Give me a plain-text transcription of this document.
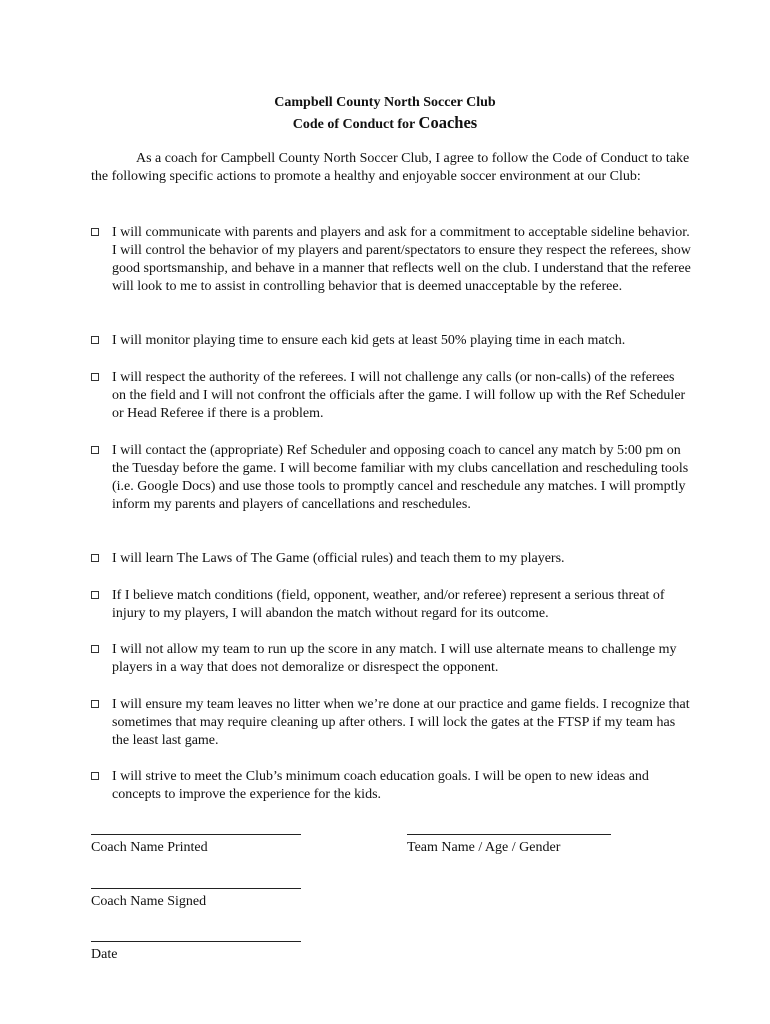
Campbell County North Soccer Club
Code of Conduct for Coaches
As a coach for Campbell County North Soccer Club, I agree to follow the Code of Conduct to take the following specific actions to promote a healthy and enjoyable soccer environment at our Club:
I will communicate with parents and players and ask for a commitment to acceptable sideline behavior. I will control the behavior of my players and parent/spectators to ensure they respect the referees, show good sportsmanship, and behave in a manner that reflects well on the club. I understand that the referee will look to me to assist in controlling behavior that is deemed unacceptable by the referee.
I will monitor playing time to ensure each kid gets at least 50% playing time in each match.
I will respect the authority of the referees. I will not challenge any calls (or non-calls) of the referees on the field and I will not confront the officials after the game. I will follow up with the Ref Scheduler or Head Referee if there is a problem.
I will contact the (appropriate) Ref Scheduler and opposing coach to cancel any match by 5:00 pm on the Tuesday before the game. I will become familiar with my clubs cancellation and rescheduling tools (i.e. Google Docs) and use those tools to promptly cancel and reschedule any matches. I will promptly inform my parents and players of cancellations and reschedules.
I will learn The Laws of The Game (official rules) and teach them to my players.
If I believe match conditions (field, opponent, weather, and/or referee) represent a serious threat of injury to my players, I will abandon the match without regard for its outcome.
I will not allow my team to run up the score in any match. I will use alternate means to challenge my players in a way that does not demoralize or disrespect the opponent.
I will ensure my team leaves no litter when we’re done at our practice and game fields. I recognize that sometimes that may require cleaning up after others. I will lock the gates at the FTSP if my team has the least last game.
I will strive to meet the Club’s minimum coach education goals. I will be open to new ideas and concepts to improve the experience for the kids.
Coach Name Printed	Team Name / Age / Gender
Coach Name Signed
Date
